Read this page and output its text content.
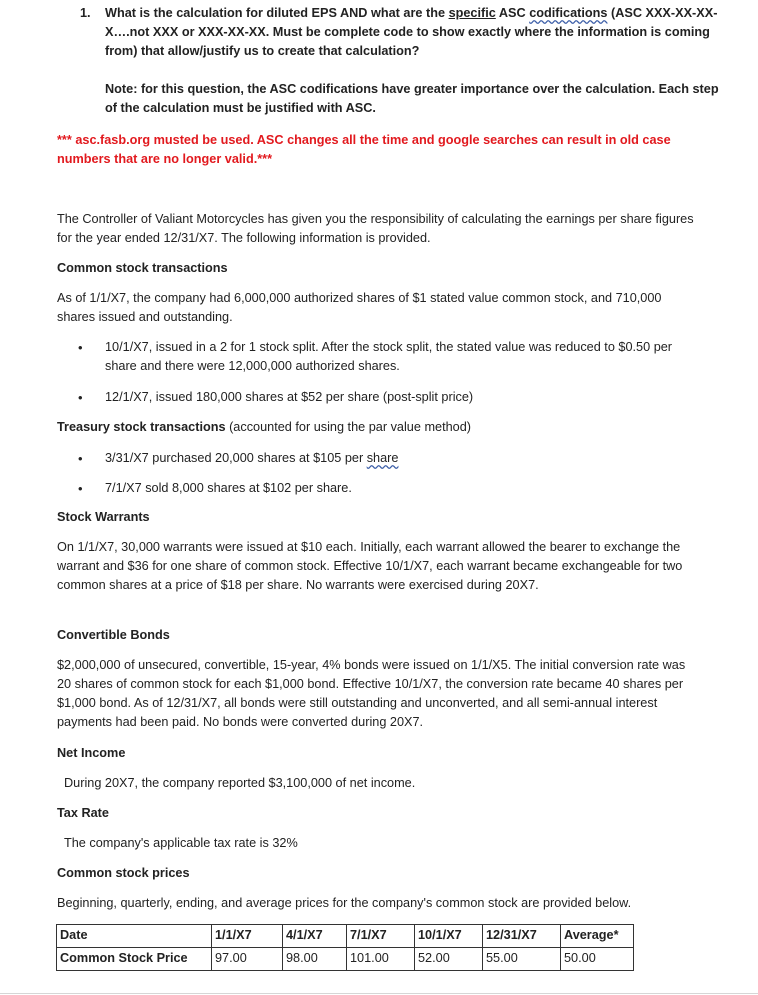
1. What is the calculation for diluted EPS AND what are the specific ASC codifications (ASC XXX-XX-XX-X….not XXX or XXX-XX-XX. Must be complete code to show exactly where the information is coming from) that allow/justify us to create that calculation?

Note: for this question, the ASC codifications have greater importance over the calculation. Each step of the calculation must be justified with ASC.

*** asc.fasb.org musted be used. ASC changes all the time and google searches can result in old case numbers that are no longer valid.***

The Controller of Valiant Motorcycles has given you the responsibility of calculating the earnings per share figures for the year ended 12/31/X7. The following information is provided.

Common stock transactions

As of 1/1/X7, the company had 6,000,000 authorized shares of $1 stated value common stock, and 710,000 shares issued and outstanding.

• 10/1/X7, issued in a 2 for 1 stock split. After the stock split, the stated value was reduced to $0.50 per share and there were 12,000,000 authorized shares.
• 12/1/X7, issued 180,000 shares at $52 per share (post-split price)

Treasury stock transactions (accounted for using the par value method)

• 3/31/X7 purchased 20,000 shares at $105 per share
• 7/1/X7 sold 8,000 shares at $102 per share.

Stock Warrants

On 1/1/X7, 30,000 warrants were issued at $10 each. Initially, each warrant allowed the bearer to exchange the warrant and $36 for one share of common stock. Effective 10/1/X7, each warrant became exchangeable for two common shares at a price of $18 per share. No warrants were exercised during 20X7.

Convertible Bonds

$2,000,000 of unsecured, convertible, 15-year, 4% bonds were issued on 1/1/X5. The initial conversion rate was 20 shares of common stock for each $1,000 bond. Effective 10/1/X7, the conversion rate became 40 shares per $1,000 bond. As of 12/31/X7, all bonds were still outstanding and unconverted, and all semi-annual interest payments had been paid. No bonds were converted during 20X7.

Net Income

During 20X7, the company reported $3,100,000 of net income.

Tax Rate

The company's applicable tax rate is 32%

Common stock prices

Beginning, quarterly, ending, and average prices for the company's common stock are provided below.

Date	1/1/X7	4/1/X7	7/1/X7	10/1/X7	12/31/X7	Average*
Common Stock Price	97.00	98.00	101.00	52.00	55.00	50.00
